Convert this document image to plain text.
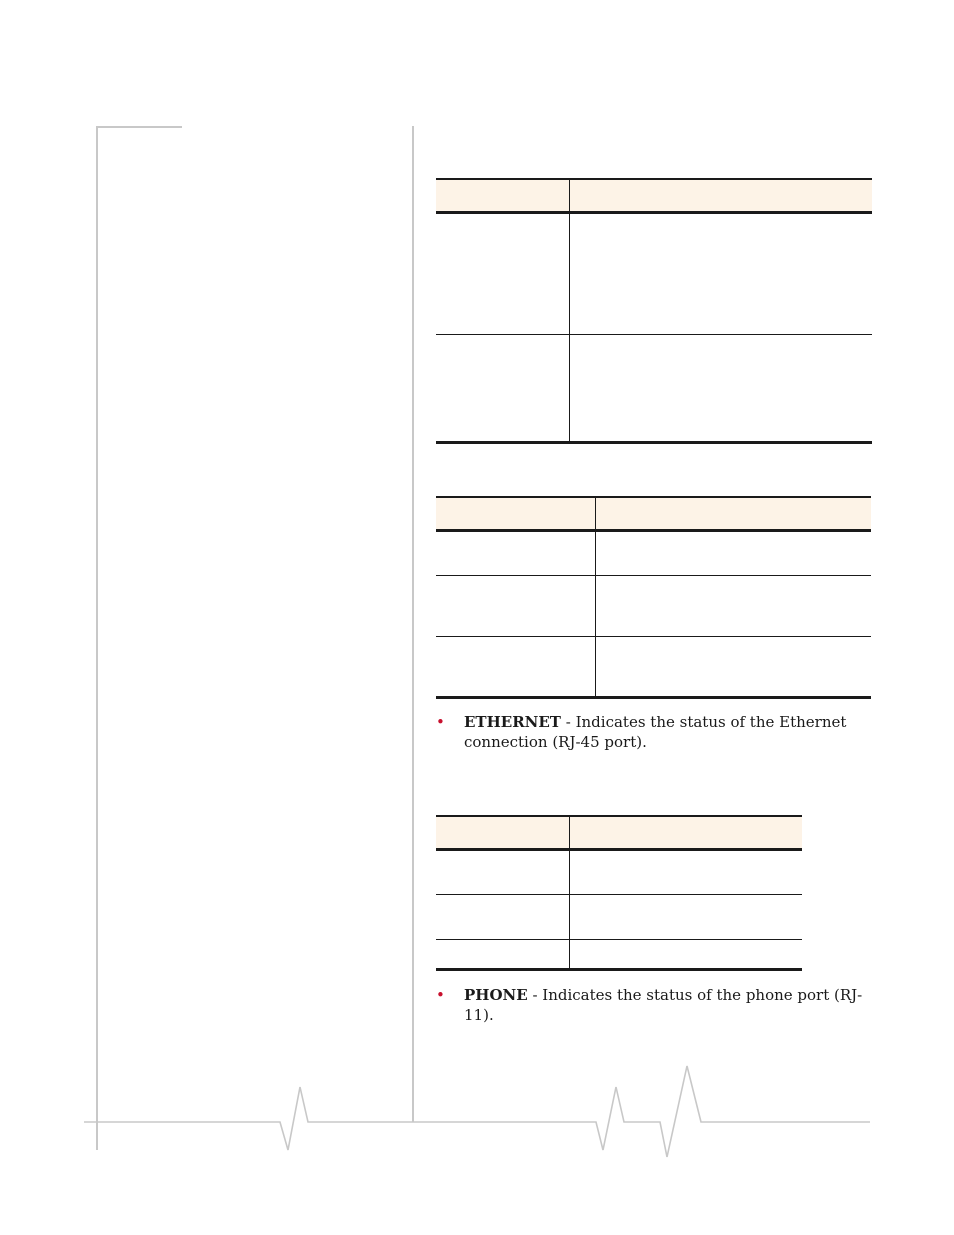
• ETHERNET - Indicates the status of the Ethernet
connection (RJ-45 port).

• PHONE - Indicates the status of the phone port (RJ-11).
